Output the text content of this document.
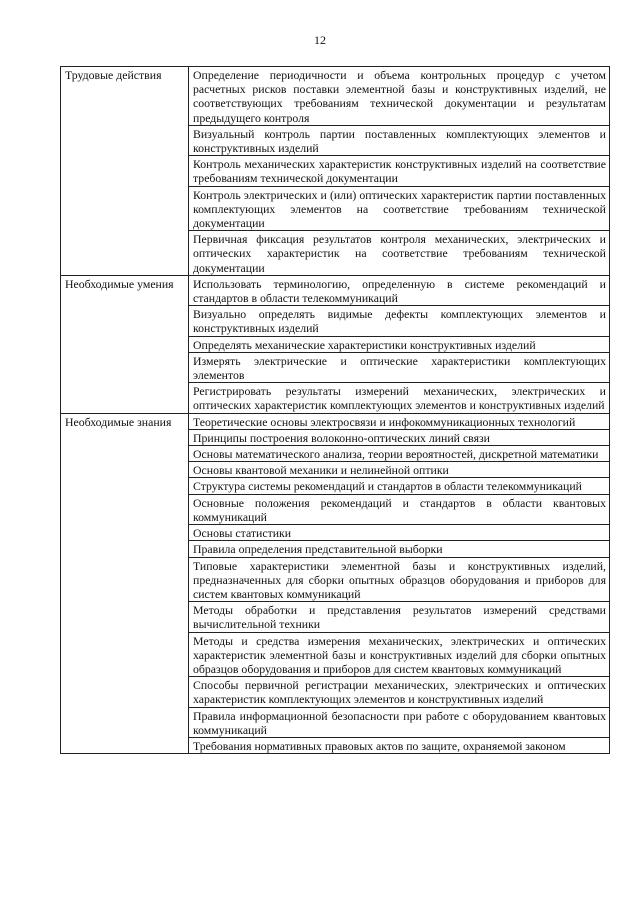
12
Трудовые действия	Определение периодичности и объема контрольных процедур с учетом расчетных рисков поставки элементной базы и конструктивных изделий, не соответствующих требованиям технической документации и результатам предыдущего контроля
	Визуальный контроль партии поставленных комплектующих элементов и конструктивных изделий
	Контроль механических характеристик конструктивных изделий на соответствие требованиям технической документации
	Контроль электрических и (или) оптических характеристик партии поставленных комплектующих элементов на соответствие требованиям технической документации
	Первичная фиксация результатов контроля механических, электрических и оптических характеристик на соответствие требованиям технической документации
Необходимые умения	Использовать терминологию, определенную в системе рекомендаций и стандартов в области телекоммуникаций
	Визуально определять видимые дефекты комплектующих элементов и конструктивных изделий
	Определять механические характеристики конструктивных изделий
	Измерять электрические и оптические характеристики комплектующих элементов
	Регистрировать результаты измерений механических, электрических и оптических характеристик комплектующих элементов и конструктивных изделий
Необходимые знания	Теоретические основы электросвязи и инфокоммуникационных технологий
	Принципы построения волоконно-оптических линий связи
	Основы математического анализа, теории вероятностей, дискретной математики
	Основы квантовой механики и нелинейной оптики
	Структура системы рекомендаций и стандартов в области телекоммуникаций
	Основные положения рекомендаций и стандартов в области квантовых коммуникаций
	Основы статистики
	Правила определения представительной выборки
	Типовые характеристики элементной базы и конструктивных изделий, предназначенных для сборки опытных образцов оборудования и приборов для систем квантовых коммуникаций
	Методы обработки и представления результатов измерений средствами вычислительной техники
	Методы и средства измерения механических, электрических и оптических характеристик элементной базы и конструктивных изделий для сборки опытных образцов оборудования и приборов для систем квантовых коммуникаций
	Способы первичной регистрации механических, электрических и оптических характеристик комплектующих элементов и конструктивных изделий
	Правила информационной безопасности при работе с оборудованием квантовых коммуникаций
	Требования нормативных правовых актов по защите, охраняемой законом
